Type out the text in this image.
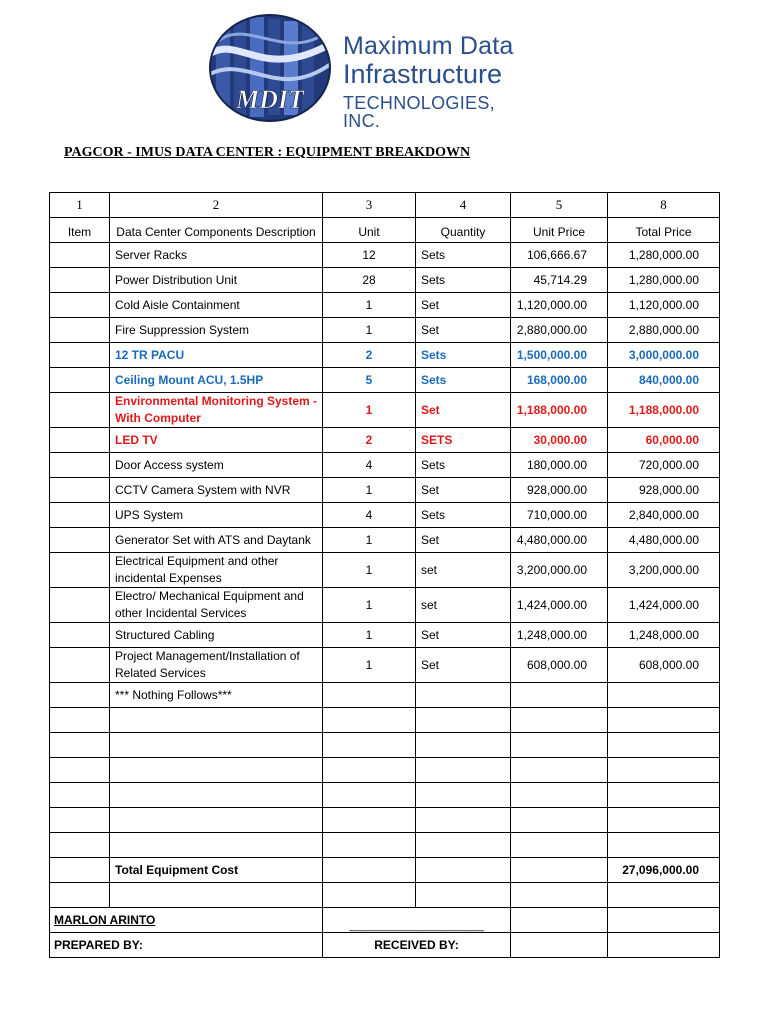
MDIT
Maximum Data
Infrastructure
TECHNOLOGIES, INC.
PAGCOR - IMUS DATA CENTER : EQUIPMENT BREAKDOWN
1	2	3	4	5	8

Item	Data Center Components Description	Unit	Quantity	Unit Price	Total Price

	Server Racks	12	Sets	106,666.67	1,280,000.00
	Power Distribution Unit	28	Sets	45,714.29	1,280,000.00
	Cold Aisle Containment	1	Set	1,120,000.00	1,120,000.00
	Fire Suppression System	1	Set	2,880,000.00	2,880,000.00
	12 TR PACU	2	Sets	1,500,000.00	3,000,000.00
	Ceiling Mount ACU, 1.5HP	5	Sets	168,000.00	840,000.00

	Environmental Monitoring System -
With Computer	1	Set	1,188,000.00	1,188,000.00
	LED TV	2	SETS	30,000.00	60,000.00
	Door Access system	4	Sets	180,000.00	720,000.00
	CCTV Camera System with NVR	1	Set	928,000.00	928,000.00
	UPS System	4	Sets	710,000.00	2,840,000.00
	Generator Set with ATS and Daytank	1	Set	4,480,000.00	4,480,000.00

	Electrical Equipment and other
incidental Expenses	1	set	3,200,000.00	3,200,000.00

	Electro/ Mechanical Equipment and
other Incidental Services	1	set	1,424,000.00	1,424,000.00
	Structured Cabling	1	Set	1,248,000.00	1,248,000.00

	Project Management/Installation of
Related Services	1	Set	608,000.00	608,000.00
	*** Nothing Follows***				

	Total Equipment Cost				27,096,000.00

MARLON ARINTO		______________________			
PREPARED BY:		RECEIVED BY:			
